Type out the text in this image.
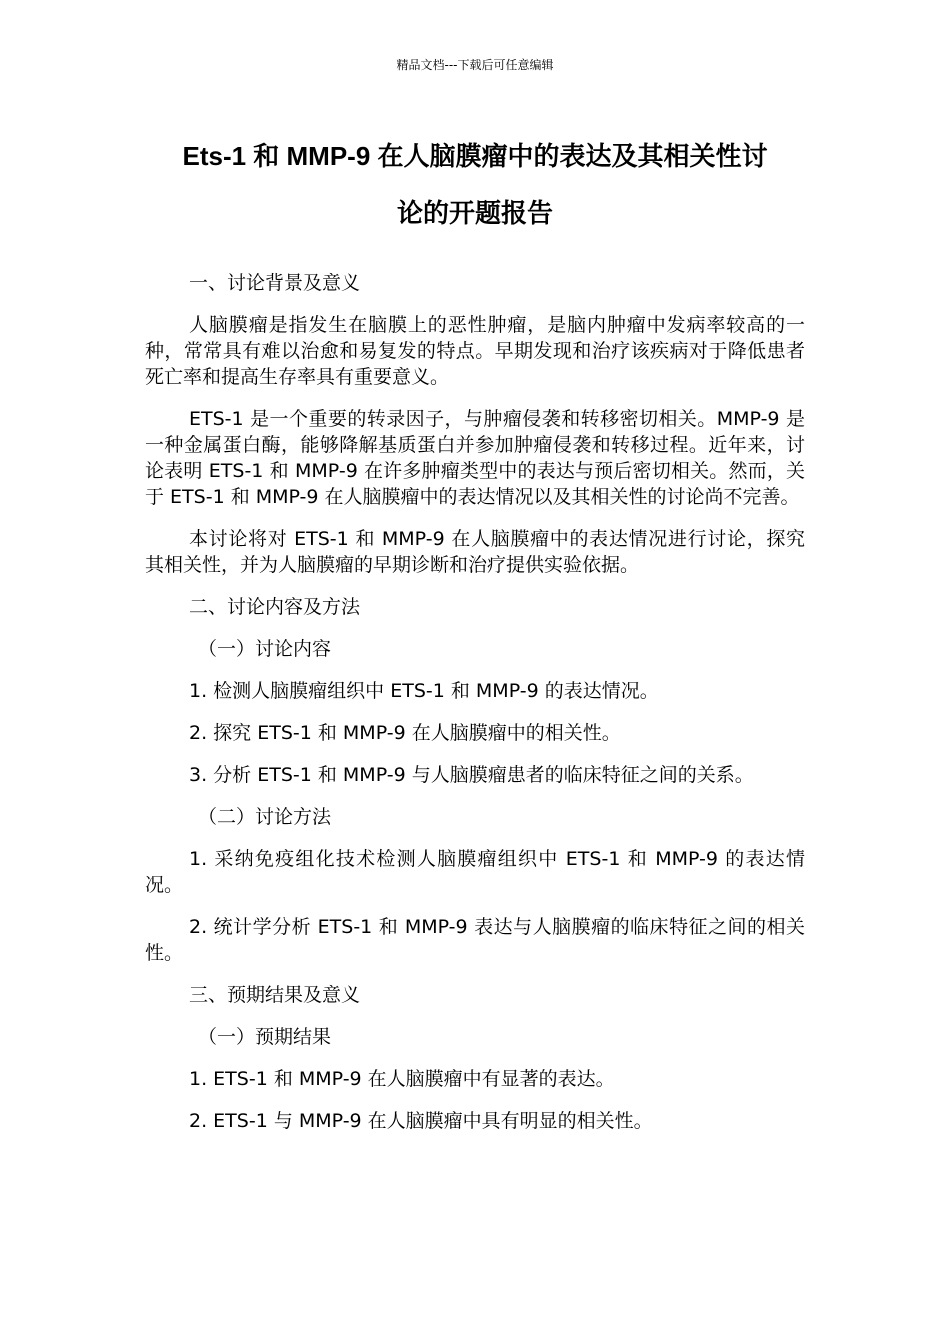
精品文档---下载后可任意编辑
Ets-1 和 MMP-9 在人脑膜瘤中的表达及其相关性讨
论的开题报告

一、讨论背景及意义

人脑膜瘤是指发生在脑膜上的恶性肿瘤，是脑内肿瘤中发病率较高的一种，常常具有难以治愈和易复发的特点。早期发现和治疗该疾病对于降低患者死亡率和提高生存率具有重要意义。

ETS-1 是一个重要的转录因子，与肿瘤侵袭和转移密切相关。MMP-9 是一种金属蛋白酶，能够降解基质蛋白并参加肿瘤侵袭和转移过程。近年来，讨论表明 ETS-1 和 MMP-9 在许多肿瘤类型中的表达与预后密切相关。然而，关于 ETS-1 和 MMP-9 在人脑膜瘤中的表达情况以及其相关性的讨论尚不完善。

本讨论将对 ETS-1 和 MMP-9 在人脑膜瘤中的表达情况进行讨论，探究其相关性，并为人脑膜瘤的早期诊断和治疗提供实验依据。

二、讨论内容及方法

（一）讨论内容

1. 检测人脑膜瘤组织中 ETS-1 和 MMP-9 的表达情况。

2. 探究 ETS-1 和 MMP-9 在人脑膜瘤中的相关性。

3. 分析 ETS-1 和 MMP-9 与人脑膜瘤患者的临床特征之间的关系。

（二）讨论方法

1. 采纳免疫组化技术检测人脑膜瘤组织中 ETS-1 和 MMP-9 的表达情况。

2. 统计学分析 ETS-1 和 MMP-9 表达与人脑膜瘤的临床特征之间的相关性。

三、预期结果及意义

（一）预期结果

1. ETS-1 和 MMP-9 在人脑膜瘤中有显著的表达。

2. ETS-1 与 MMP-9 在人脑膜瘤中具有明显的相关性。
